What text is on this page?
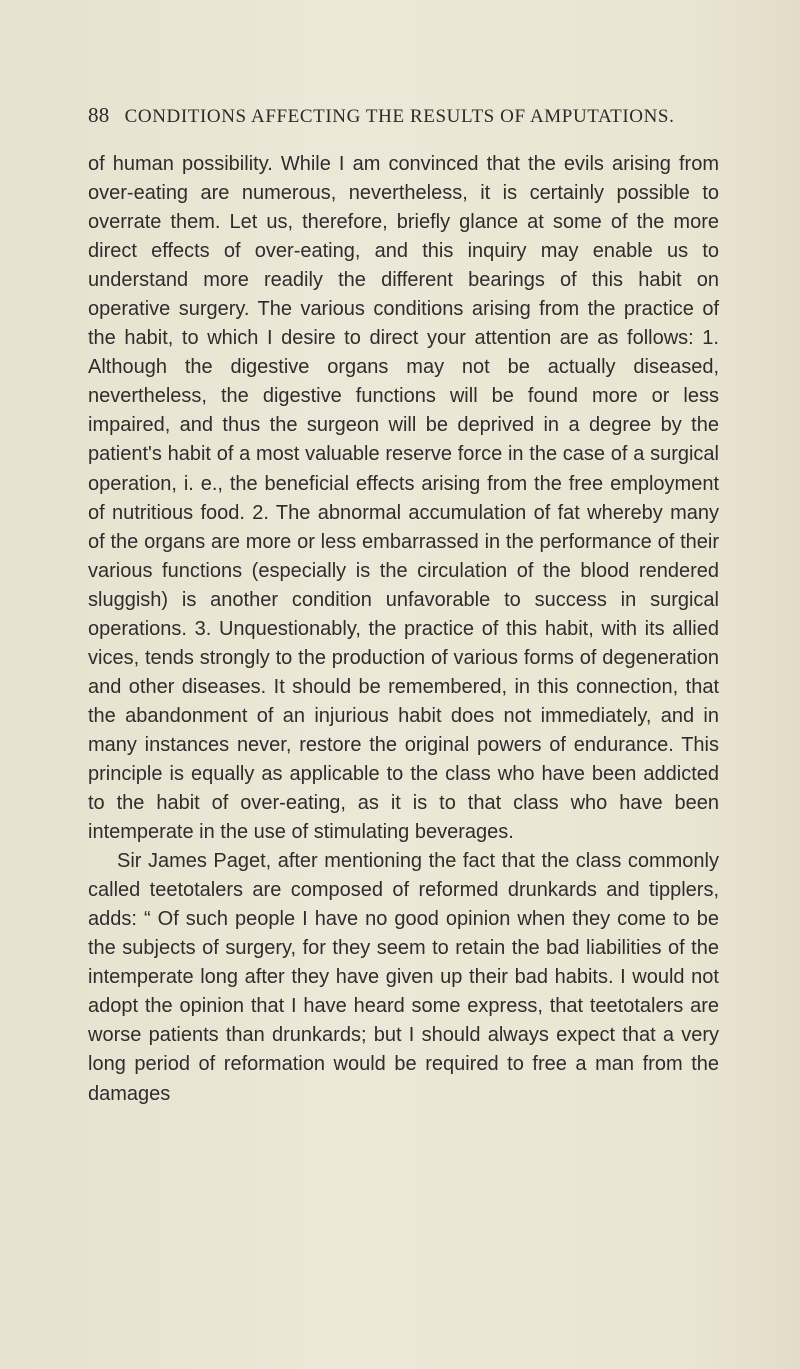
88 CONDITIONS AFFECTING THE RESULTS OF AMPUTATIONS.

of human possibility. While I am convinced that the evils arising from over-eating are numerous, nevertheless, it is certainly possible to overrate them. Let us, therefore, briefly glance at some of the more direct effects of over-eating, and this inquiry may enable us to understand more readily the different bearings of this habit on operative surgery. The various conditions arising from the practice of the habit, to which I desire to direct your attention are as follows: 1. Although the digestive organs may not be actually diseased, nevertheless, the digestive functions will be found more or less impaired, and thus the surgeon will be deprived in a degree by the patient's habit of a most valuable reserve force in the case of a surgical operation, i. e., the beneficial effects arising from the free employment of nutritious food. 2. The abnormal accumulation of fat whereby many of the organs are more or less embarrassed in the performance of their various functions (especially is the circulation of the blood rendered sluggish) is another condition unfavorable to success in surgical operations. 3. Unquestionably, the practice of this habit, with its allied vices, tends strongly to the production of various forms of degeneration and other diseases. It should be remembered, in this connection, that the abandonment of an injurious habit does not immediately, and in many instances never, restore the original powers of endurance. This principle is equally as applicable to the class who have been addicted to the habit of over-eating, as it is to that class who have been intemperate in the use of stimulating beverages.

Sir James Paget, after mentioning the fact that the class commonly called teetotalers are composed of reformed drunkards and tipplers, adds: “ Of such people I have no good opinion when they come to be the subjects of surgery, for they seem to retain the bad liabilities of the intemperate long after they have given up their bad habits. I would not adopt the opinion that I have heard some express, that teetotalers are worse patients than drunkards; but I should always expect that a very long period of reformation would be required to free a man from the damages
